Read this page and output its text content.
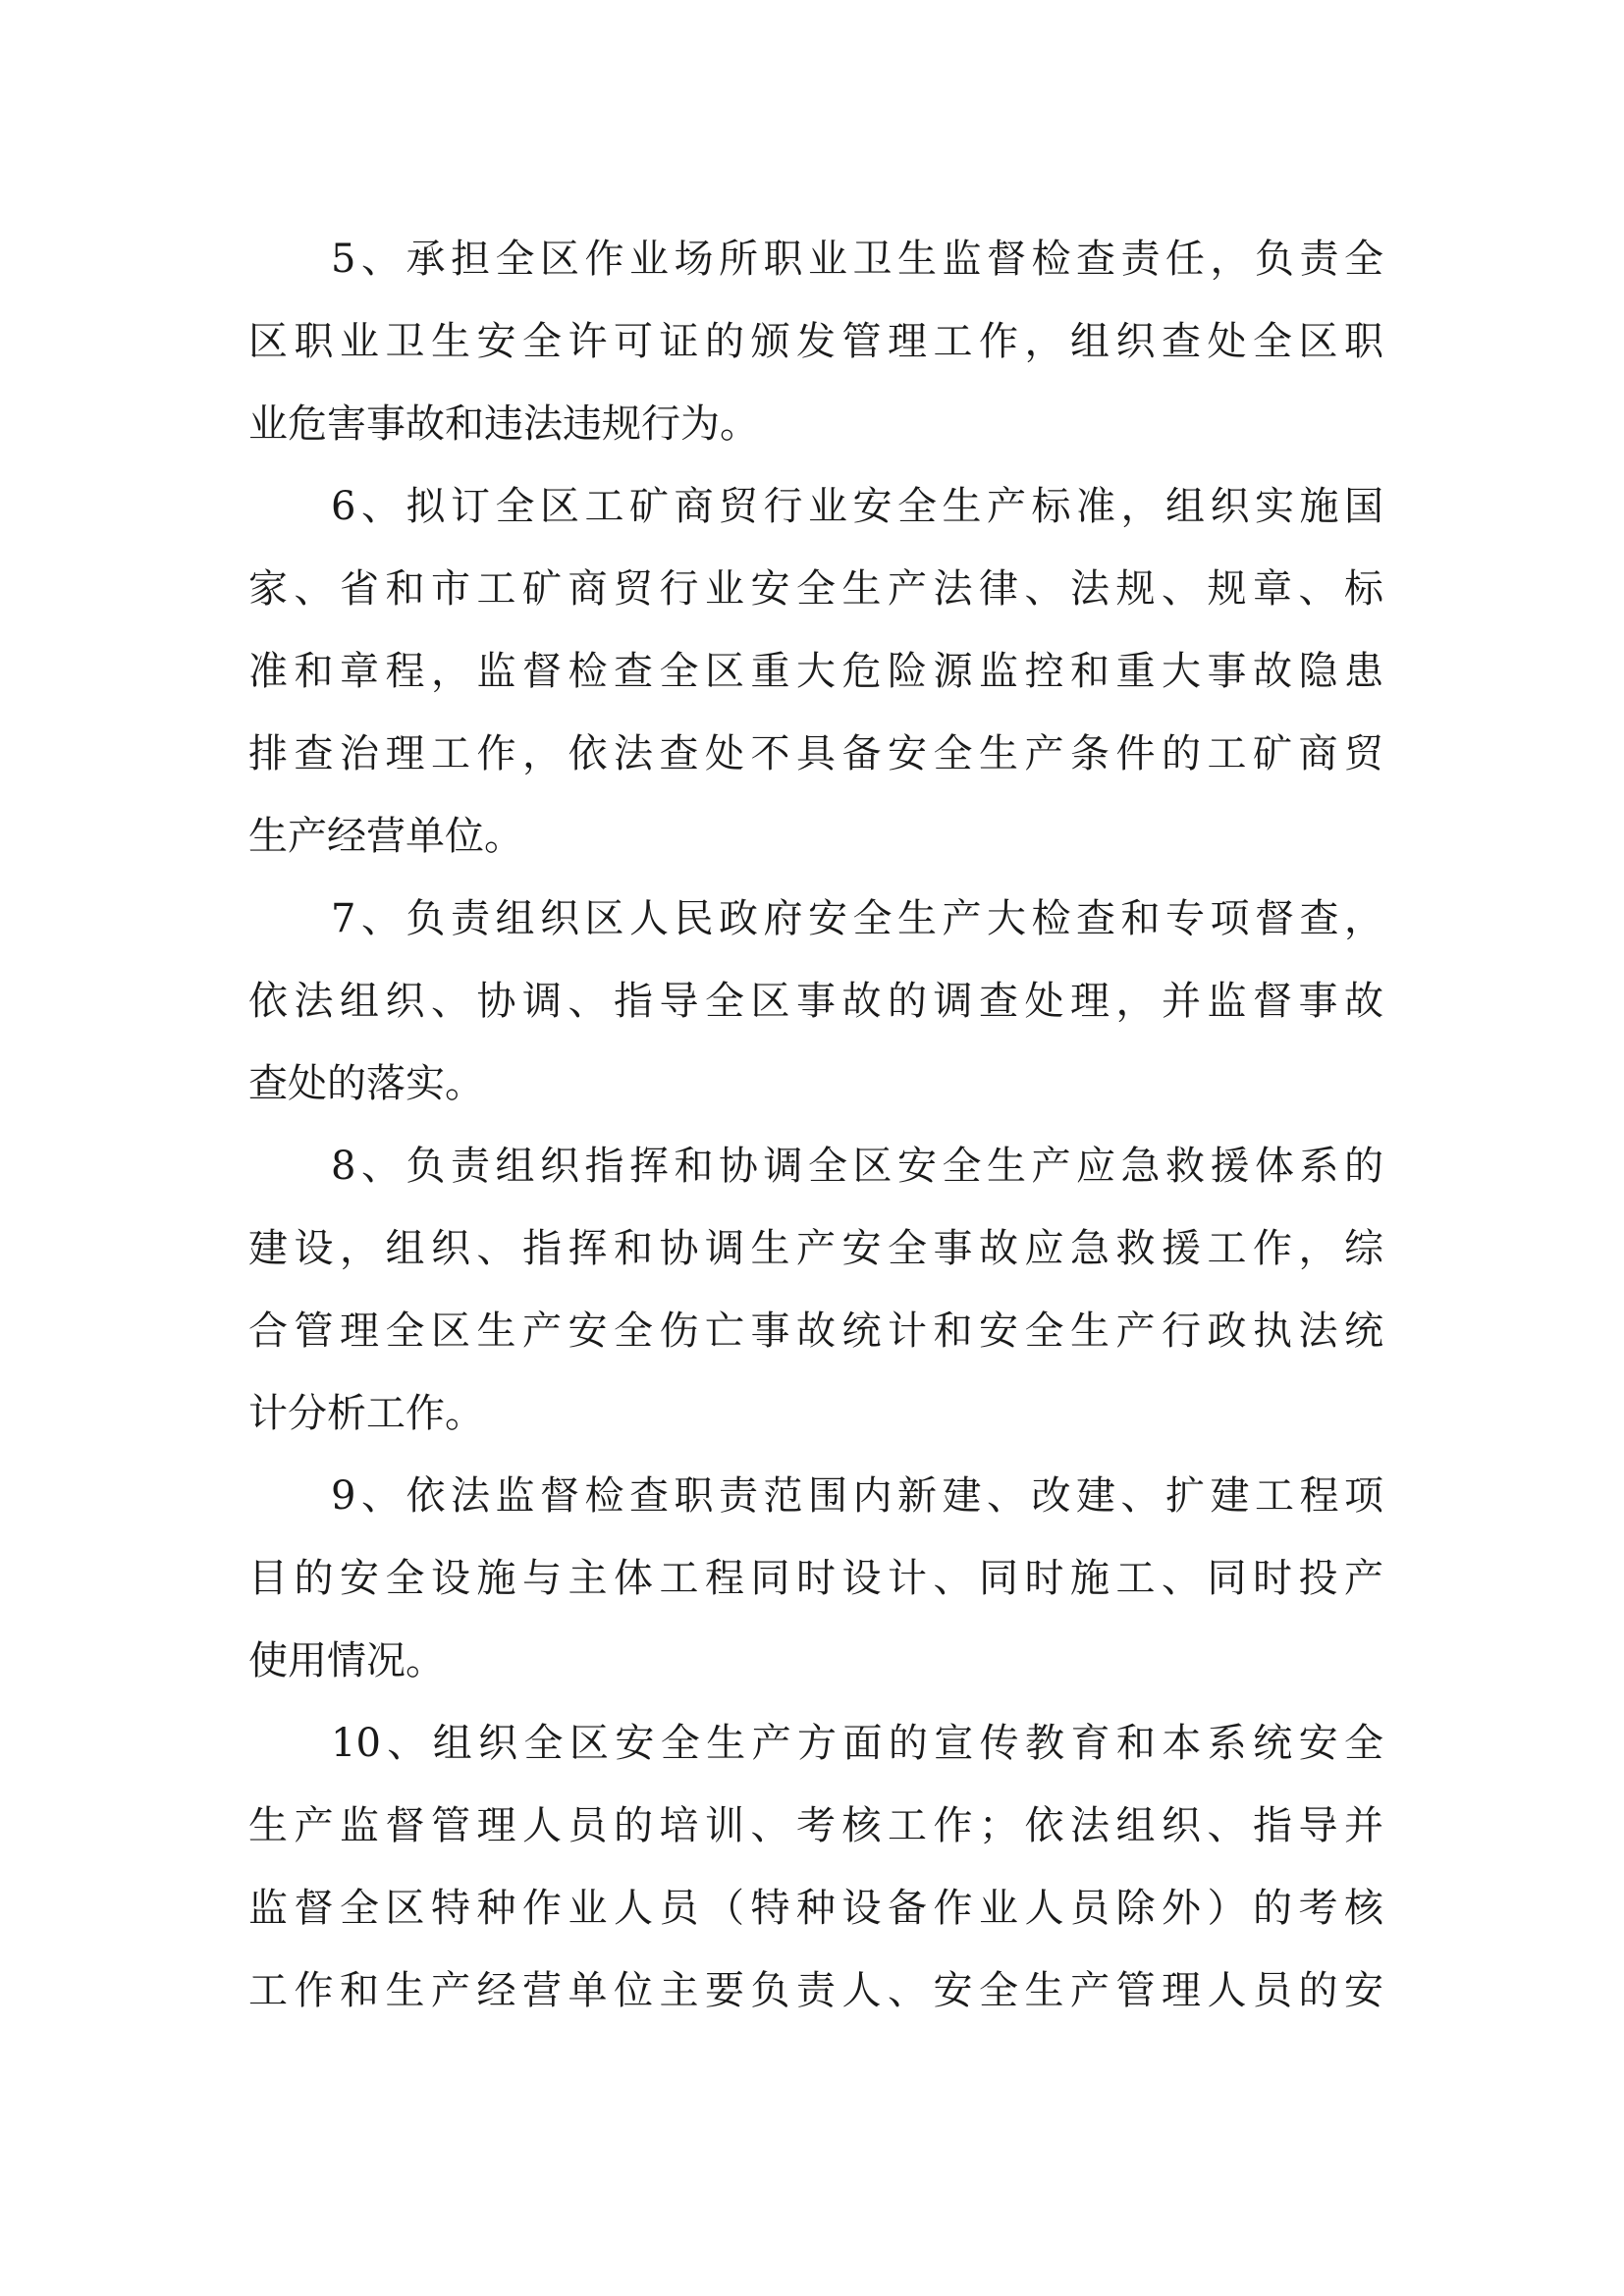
5、承担全区作业场所职业卫生监督检查责任，负责全
区职业卫生安全许可证的颁发管理工作，组织查处全区职
业危害事故和违法违规行为。
6、拟订全区工矿商贸行业安全生产标准，组织实施国
家、省和市工矿商贸行业安全生产法律、法规、规章、标
准和章程，监督检查全区重大危险源监控和重大事故隐患
排查治理工作，依法查处不具备安全生产条件的工矿商贸
生产经营单位。
7、负责组织区人民政府安全生产大检查和专项督查，
依法组织、协调、指导全区事故的调查处理，并监督事故
查处的落实。
8、负责组织指挥和协调全区安全生产应急救援体系的
建设，组织、指挥和协调生产安全事故应急救援工作，综
合管理全区生产安全伤亡事故统计和安全生产行政执法统
计分析工作。
9、依法监督检查职责范围内新建、改建、扩建工程项
目的安全设施与主体工程同时设计、同时施工、同时投产
使用情况。
10、组织全区安全生产方面的宣传教育和本系统安全
生产监督管理人员的培训、考核工作；依法组织、指导并
监督全区特种作业人员（特种设备作业人员除外）的考核
工作和生产经营单位主要负责人、安全生产管理人员的安
